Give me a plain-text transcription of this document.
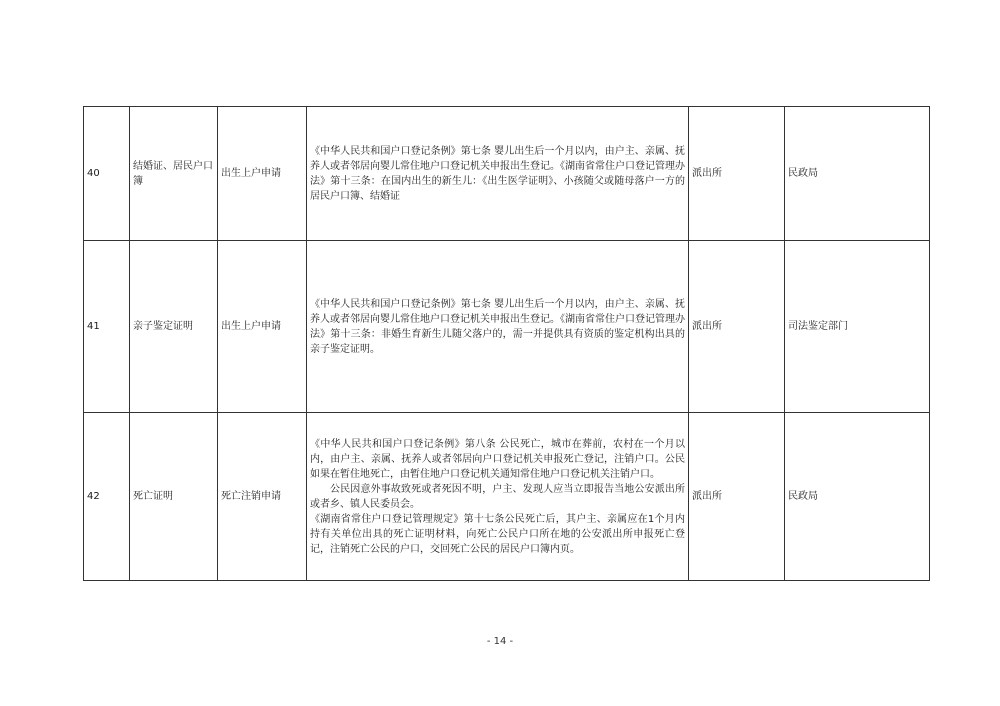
40	结婚证、居民户口簿	出生上户申请	《中华人民共和国户口登记条例》第七条 婴儿出生后一个月以内，由户主、亲属、抚养人或者邻居向婴儿常住地户口登记机关申报出生登记。《湖南省常住户口登记管理办法》第十三条：在国内出生的新生儿：《出生医学证明》、小孩随父或随母落户一方的居民户口簿、结婚证	派出所	民政局
41	亲子鉴定证明	出生上户申请	《中华人民共和国户口登记条例》第七条 婴儿出生后一个月以内，由户主、亲属、抚养人或者邻居向婴儿常住地户口登记机关申报出生登记。《湖南省常住户口登记管理办法》第十三条：非婚生育新生儿随父落户的，需一并提供具有资质的鉴定机构出具的亲子鉴定证明。	派出所	司法鉴定部门
42	死亡证明	死亡注销申请	《中华人民共和国户口登记条例》第八条 公民死亡，城市在葬前，农村在一个月以内，由户主、亲属、抚养人或者邻居向户口登记机关申报死亡登记，注销户口。公民如果在暂住地死亡，由暂住地户口登记机关通知常住地户口登记机关注销户口。

公民因意外事故致死或者死因不明，户主、发现人应当立即报告当地公安派出所或者乡、镇人民委员会。

《湖南省常住户口登记管理规定》第十七条公民死亡后，其户主、亲属应在1个月内持有关单位出具的死亡证明材料，向死亡公民户口所在地的公安派出所申报死亡登记，注销死亡公民的户口，交回死亡公民的居民户口簿内页。	派出所	民政局
- 14 -
